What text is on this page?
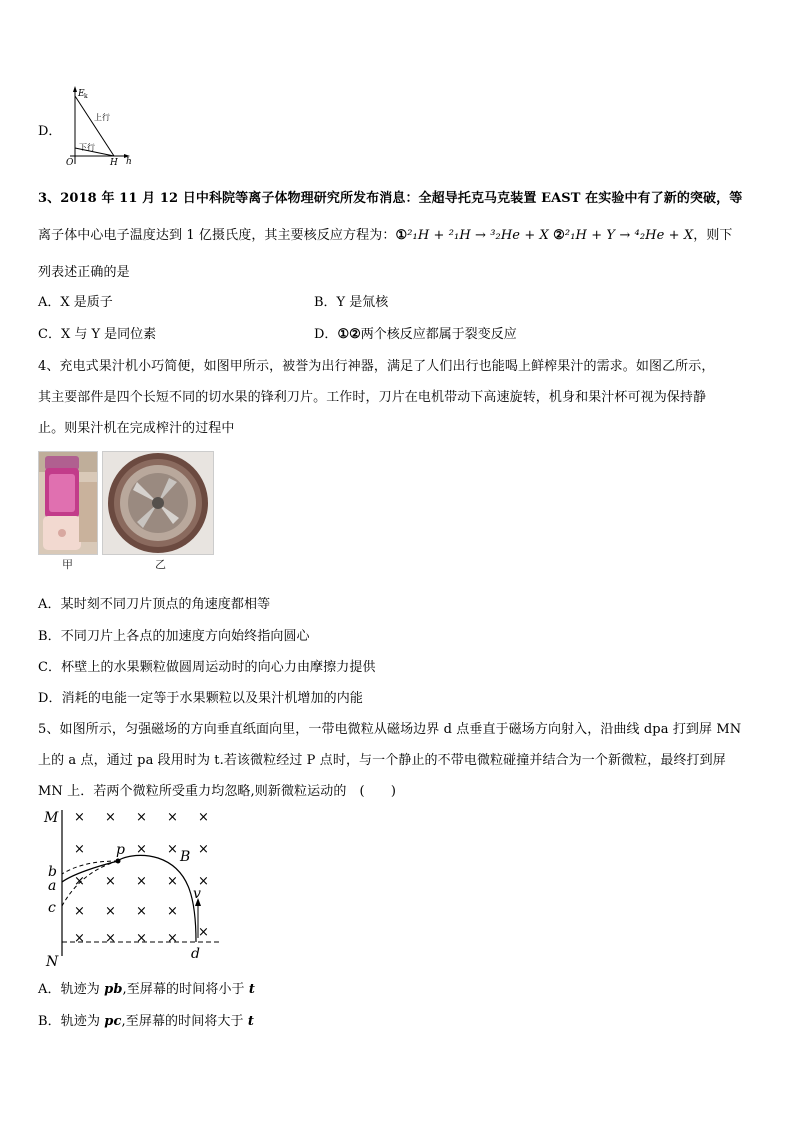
D．
E k
上行
下行
O	H h
3、2018 年 11 月 12 日中科院等离子体物理研究所发布消息：全超导托克马克装置 EAST 在实验中有了新的突破，等
离子体中心电子温度达到 1 亿摄氏度，其主要核反应方程为：①²₁H + ²₁H → ³₂He + X ②²₁H + Y → ⁴₂He + X，则下
列表述正确的是
A．X 是质子	B．Y 是氚核
C．X 与 Y 是同位素	D．①②两个核反应都属于裂变反应
4、充电式果汁机小巧简便，如图甲所示，被誉为出行神器，满足了人们出行也能喝上鲜榨果汁的需求。如图乙所示，
其主要部件是四个长短不同的切水果的锋利刀片。工作时，刀片在电机带动下高速旋转，机身和果汁杯可视为保持静
止。则果汁机在完成榨汁的过程中
甲	乙
A．某时刻不同刀片顶点的角速度都相等
B．不同刀片上各点的加速度方向始终指向圆心
C．杯壁上的水果颗粒做圆周运动时的向心力由摩擦力提供
D．消耗的电能一定等于水果颗粒以及果汁机增加的内能
5、如图所示，匀强磁场的方向垂直纸面向里，一带电微粒从磁场边界 d 点垂直于磁场方向射入，沿曲线 dpa 打到屏 MN
上的 a 点，通过 pa 段用时为 t.若该微粒经过 P 点时，与一个静止的不带电微粒碰撞并结合为一个新微粒，最终打到屏
MN 上．若两个微粒所受重力均忽略,则新微粒运动的　(　　)
× × × × ×
×	× × ×
× × × × ×
× × × ×
× × × × ×
M
N
b
a
c
p	B
v
d
A．轨迹为 pb,至屏幕的时间将小于 t
B．轨迹为 pc,至屏幕的时间将大于 t
